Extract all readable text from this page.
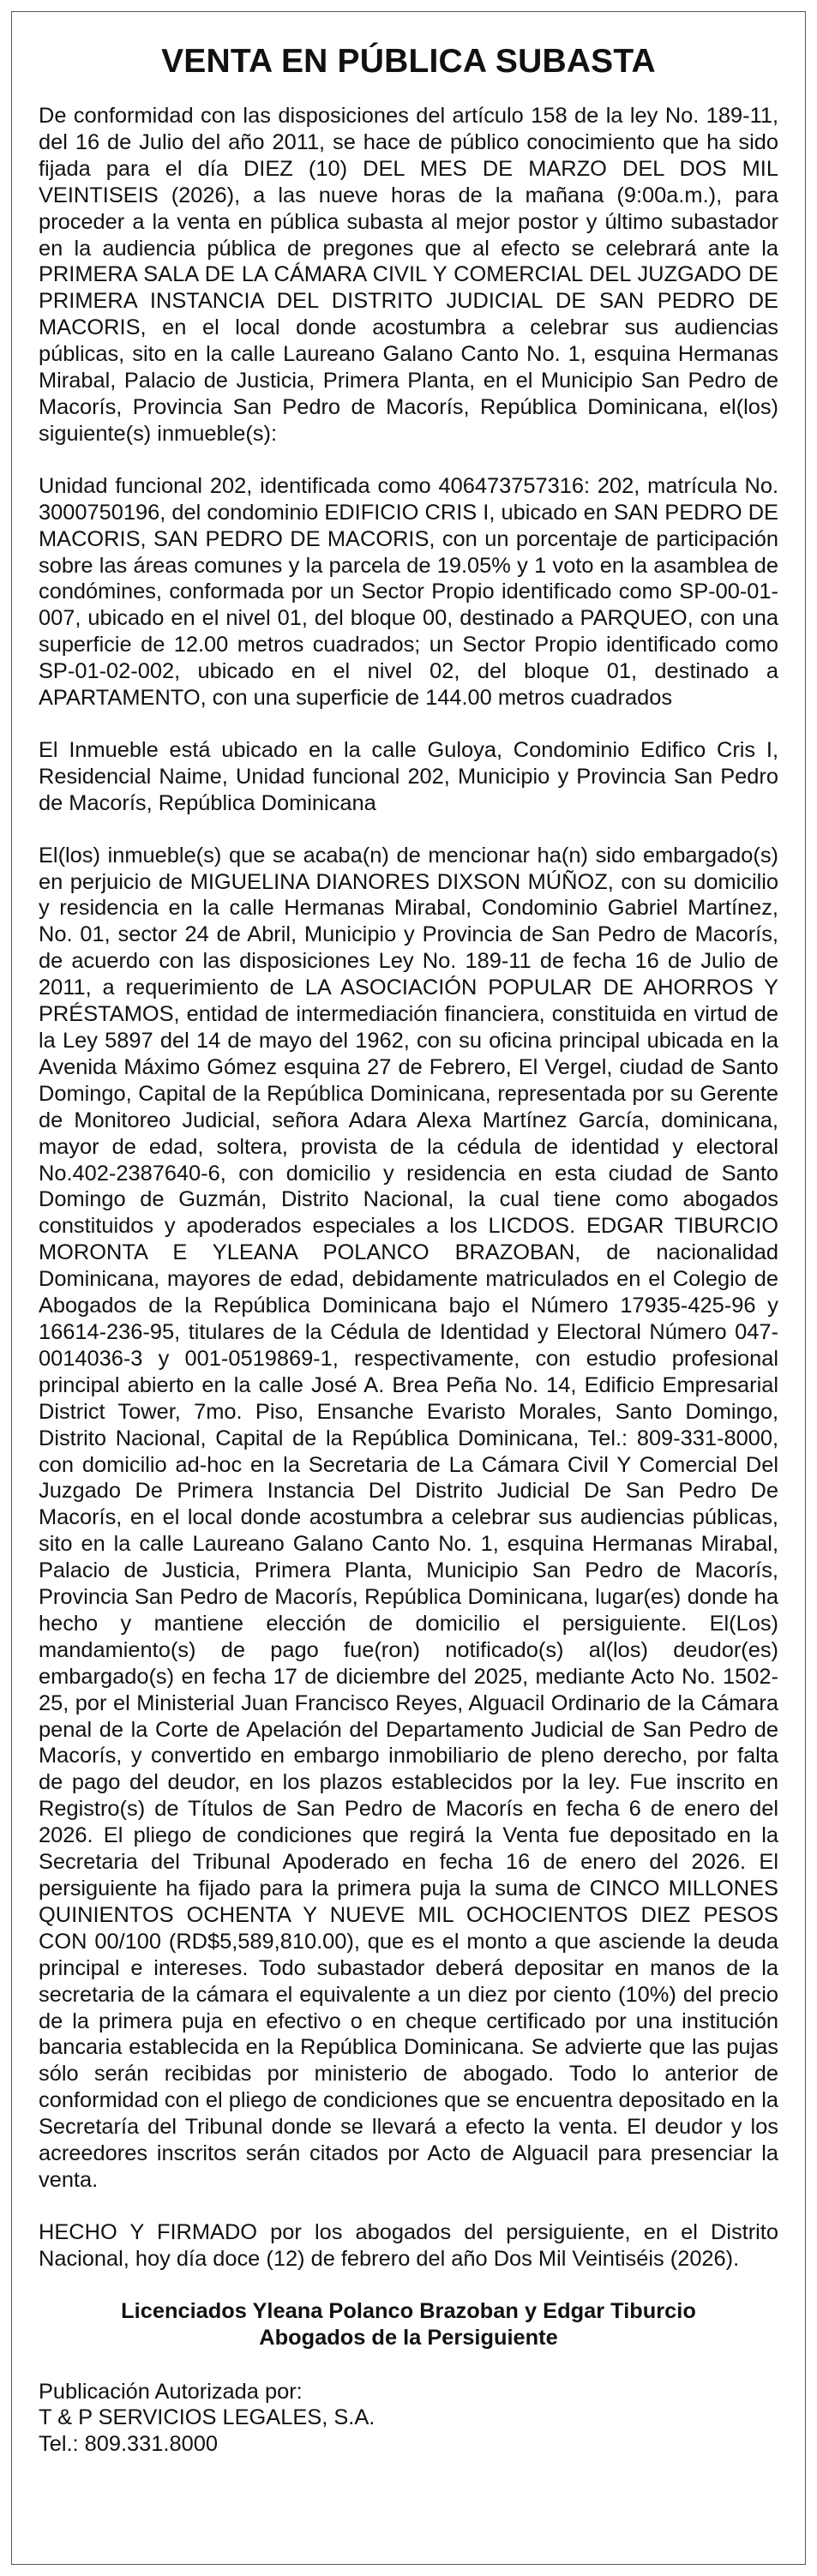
VENTA EN PÚBLICA SUBASTA

De conformidad con las disposiciones del artículo 158 de la ley No. 189-11, del 16 de Julio del año 2011, se hace de público conocimiento que ha sido fijada para el día DIEZ (10) DEL MES DE MARZO DEL DOS MIL VEINTISEIS (2026), a las nueve horas de la mañana (9:00a.m.), para proceder a la venta en pública subasta al mejor postor y último subastador en la audiencia pública de pregones que al efecto se celebrará ante la PRIMERA SALA DE LA CÁMARA CIVIL Y COMERCIAL DEL JUZGADO DE PRIMERA INSTANCIA DEL DISTRITO JUDICIAL DE SAN PEDRO DE MACORIS, en el local donde acostumbra a celebrar sus audiencias públicas, sito en la calle Laureano Galano Canto No. 1, esquina Hermanas Mirabal, Palacio de Justicia, Primera Planta, en el Municipio San Pedro de Macorís, Provincia San Pedro de Macorís, República Dominicana, el(los) siguiente(s) inmueble(s):

Unidad funcional 202, identificada como 406473757316: 202, matrícula No. 3000750196, del condominio EDIFICIO CRIS I, ubicado en SAN PEDRO DE MACORIS, SAN PEDRO DE MACORIS, con un porcentaje de participación sobre las áreas comunes y la parcela de 19.05% y 1 voto en la asamblea de condómines, conformada por un Sector Propio identificado como SP-00-01-007, ubicado en el nivel 01, del bloque 00, destinado a PARQUEO, con una superficie de 12.00 metros cuadrados; un Sector Propio identificado como SP-01-02-002, ubicado en el nivel 02, del bloque 01, destinado a APARTAMENTO, con una superficie de 144.00 metros cuadrados

El Inmueble está ubicado en la calle Guloya, Condominio Edifico Cris I, Residencial Naime, Unidad funcional 202, Municipio y Provincia San Pedro de Macorís, República Dominicana

El(los) inmueble(s) que se acaba(n) de mencionar ha(n) sido embargado(s) en perjuicio de MIGUELINA DIANORES DIXSON MÚÑOZ, con su domicilio y residencia en la calle Hermanas Mirabal, Condominio Gabriel Martínez, No. 01, sector 24 de Abril, Municipio y Provincia de San Pedro de Macorís, de acuerdo con las disposiciones Ley No. 189-11 de fecha 16 de Julio de 2011, a requerimiento de LA ASOCIACIÓN POPULAR DE AHORROS Y PRÉSTAMOS, entidad de intermediación financiera, constituida en virtud de la Ley 5897 del 14 de mayo del 1962, con su oficina principal ubicada en la Avenida Máximo Gómez esquina 27 de Febrero, El Vergel, ciudad de Santo Domingo, Capital de la República Dominicana, representada por su Gerente de Monitoreo Judicial, señora Adara Alexa Martínez García, dominicana, mayor de edad, soltera, provista de la cédula de identidad y electoral No.402-2387640-6, con domicilio y residencia en esta ciudad de Santo Domingo de Guzmán, Distrito Nacional, la cual tiene como abogados constituidos y apoderados especiales a los LICDOS. EDGAR TIBURCIO MORONTA E YLEANA POLANCO BRAZOBAN, de nacionalidad Dominicana, mayores de edad, debidamente matriculados en el Colegio de Abogados de la República Dominicana bajo el Número 17935-425-96 y 16614-236-95, titulares de la Cédula de Identidad y Electoral Número 047-0014036-3 y 001-0519869-1, respectivamente, con estudio profesional principal abierto en la calle José A. Brea Peña No. 14, Edificio Empresarial District Tower, 7mo. Piso, Ensanche Evaristo Morales, Santo Domingo, Distrito Nacional, Capital de la República Dominicana, Tel.: 809-331-8000, con domicilio ad-hoc en la Secretaria de La Cámara Civil Y Comercial Del Juzgado De Primera Instancia Del Distrito Judicial De San Pedro De Macorís, en el local donde acostumbra a celebrar sus audiencias públicas, sito en la calle Laureano Galano Canto No. 1, esquina Hermanas Mirabal, Palacio de Justicia, Primera Planta, Municipio San Pedro de Macorís, Provincia San Pedro de Macorís, República Dominicana, lugar(es) donde ha hecho y mantiene elección de domicilio el persiguiente. El(Los) mandamiento(s) de pago fue(ron) notificado(s) al(los) deudor(es) embargado(s) en fecha 17 de diciembre del 2025, mediante Acto No. 1502-25, por el Ministerial Juan Francisco Reyes, Alguacil Ordinario de la Cámara penal de la Corte de Apelación del Departamento Judicial de San Pedro de Macorís, y convertido en embargo inmobiliario de pleno derecho, por falta de pago del deudor, en los plazos establecidos por la ley. Fue inscrito en Registro(s) de Títulos de San Pedro de Macorís en fecha 6 de enero del 2026. El pliego de condiciones que regirá la Venta fue depositado en la Secretaria del Tribunal Apoderado en fecha 16 de enero del 2026. El persiguiente ha fijado para la primera puja la suma de CINCO MILLONES QUINIENTOS OCHENTA Y NUEVE MIL OCHOCIENTOS DIEZ PESOS CON 00/100 (RD$5,589,810.00), que es el monto a que asciende la deuda principal e intereses. Todo subastador deberá depositar en manos de la secretaria de la cámara el equivalente a un diez por ciento (10%) del precio de la primera puja en efectivo o en cheque certificado por una institución bancaria establecida en la República Dominicana. Se advierte que las pujas sólo serán recibidas por ministerio de abogado. Todo lo anterior de conformidad con el pliego de condiciones que se encuentra depositado en la Secretaría del Tribunal donde se llevará a efecto la venta. El deudor y los acreedores inscritos serán citados por Acto de Alguacil para presenciar la venta.

HECHO Y FIRMADO por los abogados del persiguiente, en el Distrito Nacional, hoy día doce (12) de febrero del año Dos Mil Veintiséis (2026).

Licenciados Yleana Polanco Brazoban y Edgar Tiburcio
Abogados de la Persiguiente
Publicación Autorizada por:
T & P SERVICIOS LEGALES, S.A.
Tel.: 809.331.8000
